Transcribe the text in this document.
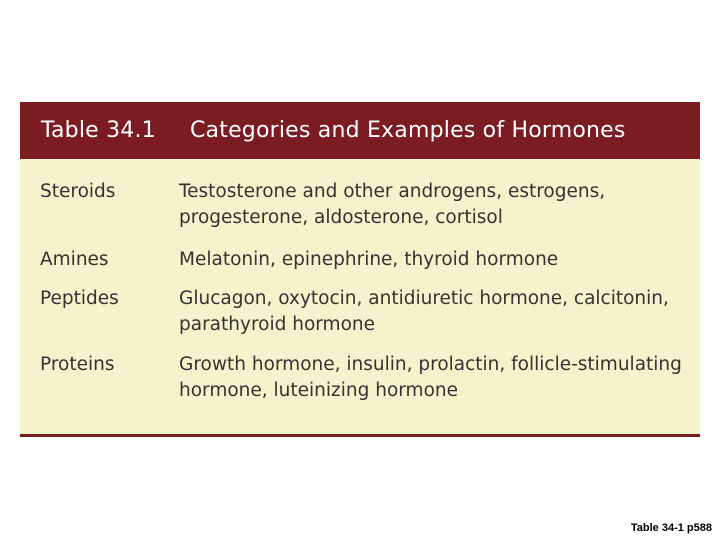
Table 34.1	Categories and Examples of Hormones
Steroids	Testosterone and other androgens, estrogens, progesterone, aldosterone, cortisol
Amines	Melatonin, epinephrine, thyroid hormone
Peptides	Glucagon, oxytocin, antidiuretic hormone, calcitonin, parathyroid hormone
Proteins	Growth hormone, insulin, prolactin, follicle-stimulating hormone, luteinizing hormone
Table 34-1 p588
